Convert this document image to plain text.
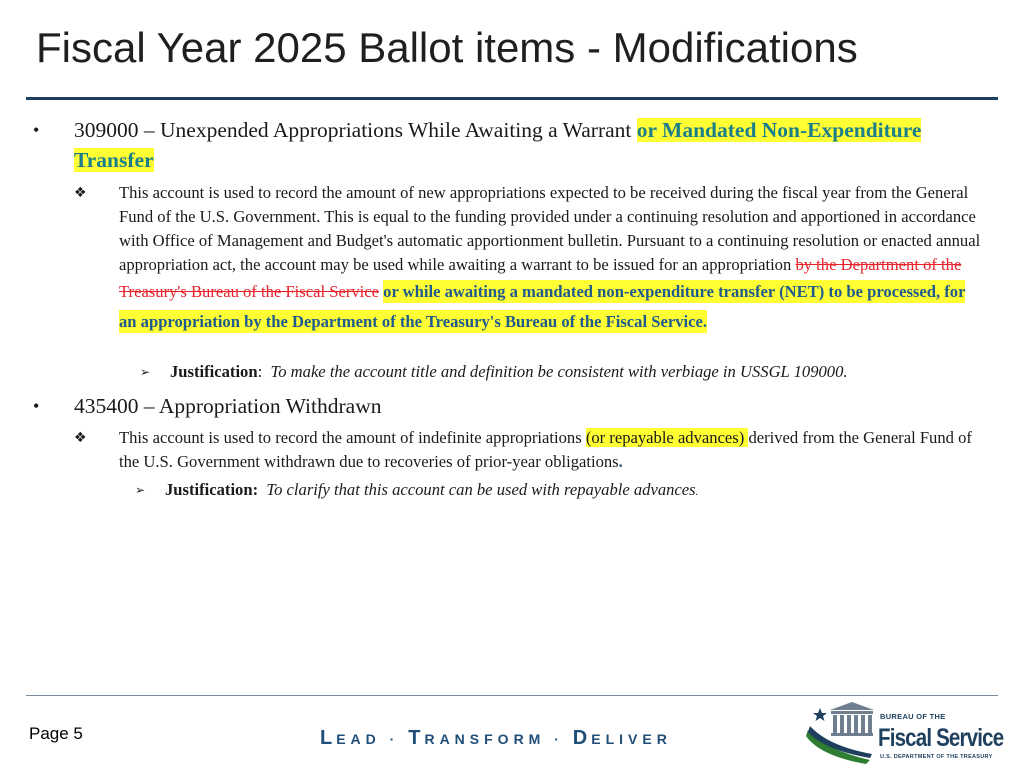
Fiscal Year 2025 Ballot items - Modifications
• 309000 – Unexpended Appropriations While Awaiting a Warrant or Mandated Non-Expenditure Transfer
❖ This account is used to record the amount of new appropriations expected to be received during the fiscal year from the General Fund of the U.S. Government. This is equal to the funding provided under a continuing resolution and apportioned in accordance with Office of Management and Budget's automatic apportionment bulletin. Pursuant to a continuing resolution or enacted annual appropriation act, the account may be used while awaiting a warrant to be issued for an appropriation by the Department of the Treasury's Bureau of the Fiscal Service or while awaiting a mandated non-expenditure transfer (NET) to be processed, for an appropriation by the Department of the Treasury's Bureau of the Fiscal Service.
➢ Justification: To make the account title and definition be consistent with verbiage in USSGL 109000.
• 435400 – Appropriation Withdrawn
❖ This account is used to record the amount of indefinite appropriations (or repayable advances) derived from the General Fund of the U.S. Government withdrawn due to recoveries of prior-year obligations.
➢ Justification: To clarify that this account can be used with repayable advances.
Page 5	LEAD · TRANSFORM · DELIVER
BUREAU OF THE
Fiscal Service
U.S. DEPARTMENT OF THE TREASURY
